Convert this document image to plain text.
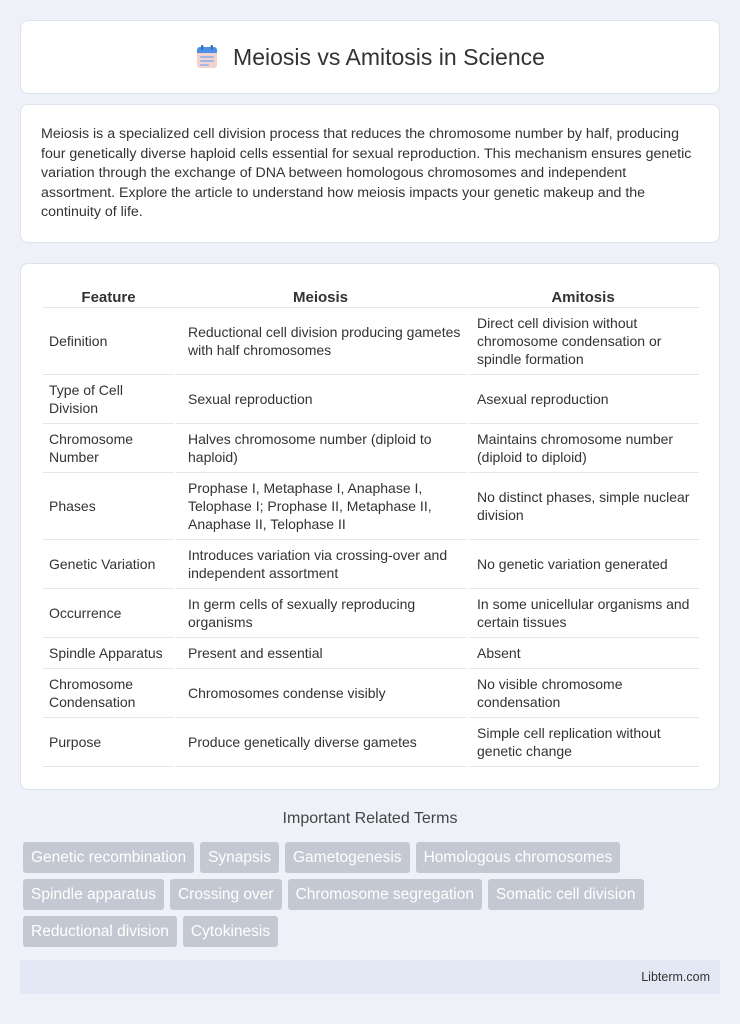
Meiosis vs Amitosis in Science

Meiosis is a specialized cell division process that reduces the chromosome number by half, producing four genetically diverse haploid cells essential for sexual reproduction. This mechanism ensures genetic variation through the exchange of DNA between homologous chromosomes and independent assortment. Explore the article to understand how meiosis impacts your genetic makeup and the continuity of life.

Feature	Meiosis	Amitosis
Definition	Reductional cell division producing gametes with half chromosomes	Direct cell division without chromosome condensation or spindle formation
Type of Cell Division	Sexual reproduction	Asexual reproduction
Chromosome Number	Halves chromosome number (diploid to haploid)	Maintains chromosome number (diploid to diploid)
Phases	Prophase I, Metaphase I, Anaphase I, Telophase I; Prophase II, Metaphase II, Anaphase II, Telophase II	No distinct phases, simple nuclear division
Genetic Variation	Introduces variation via crossing-over and independent assortment	No genetic variation generated
Occurrence	In germ cells of sexually reproducing organisms	In some unicellular organisms and certain tissues
Spindle Apparatus	Present and essential	Absent
Chromosome Condensation	Chromosomes condense visibly	No visible chromosome condensation
Purpose	Produce genetically diverse gametes	Simple cell replication without genetic change
Important Related Terms
Genetic recombination	Synapsis	Gametogenesis	Homologous chromosomes
Spindle apparatus	Crossing over	Chromosome segregation	Somatic cell division
Reductional division	Cytokinesis
Libterm.com
